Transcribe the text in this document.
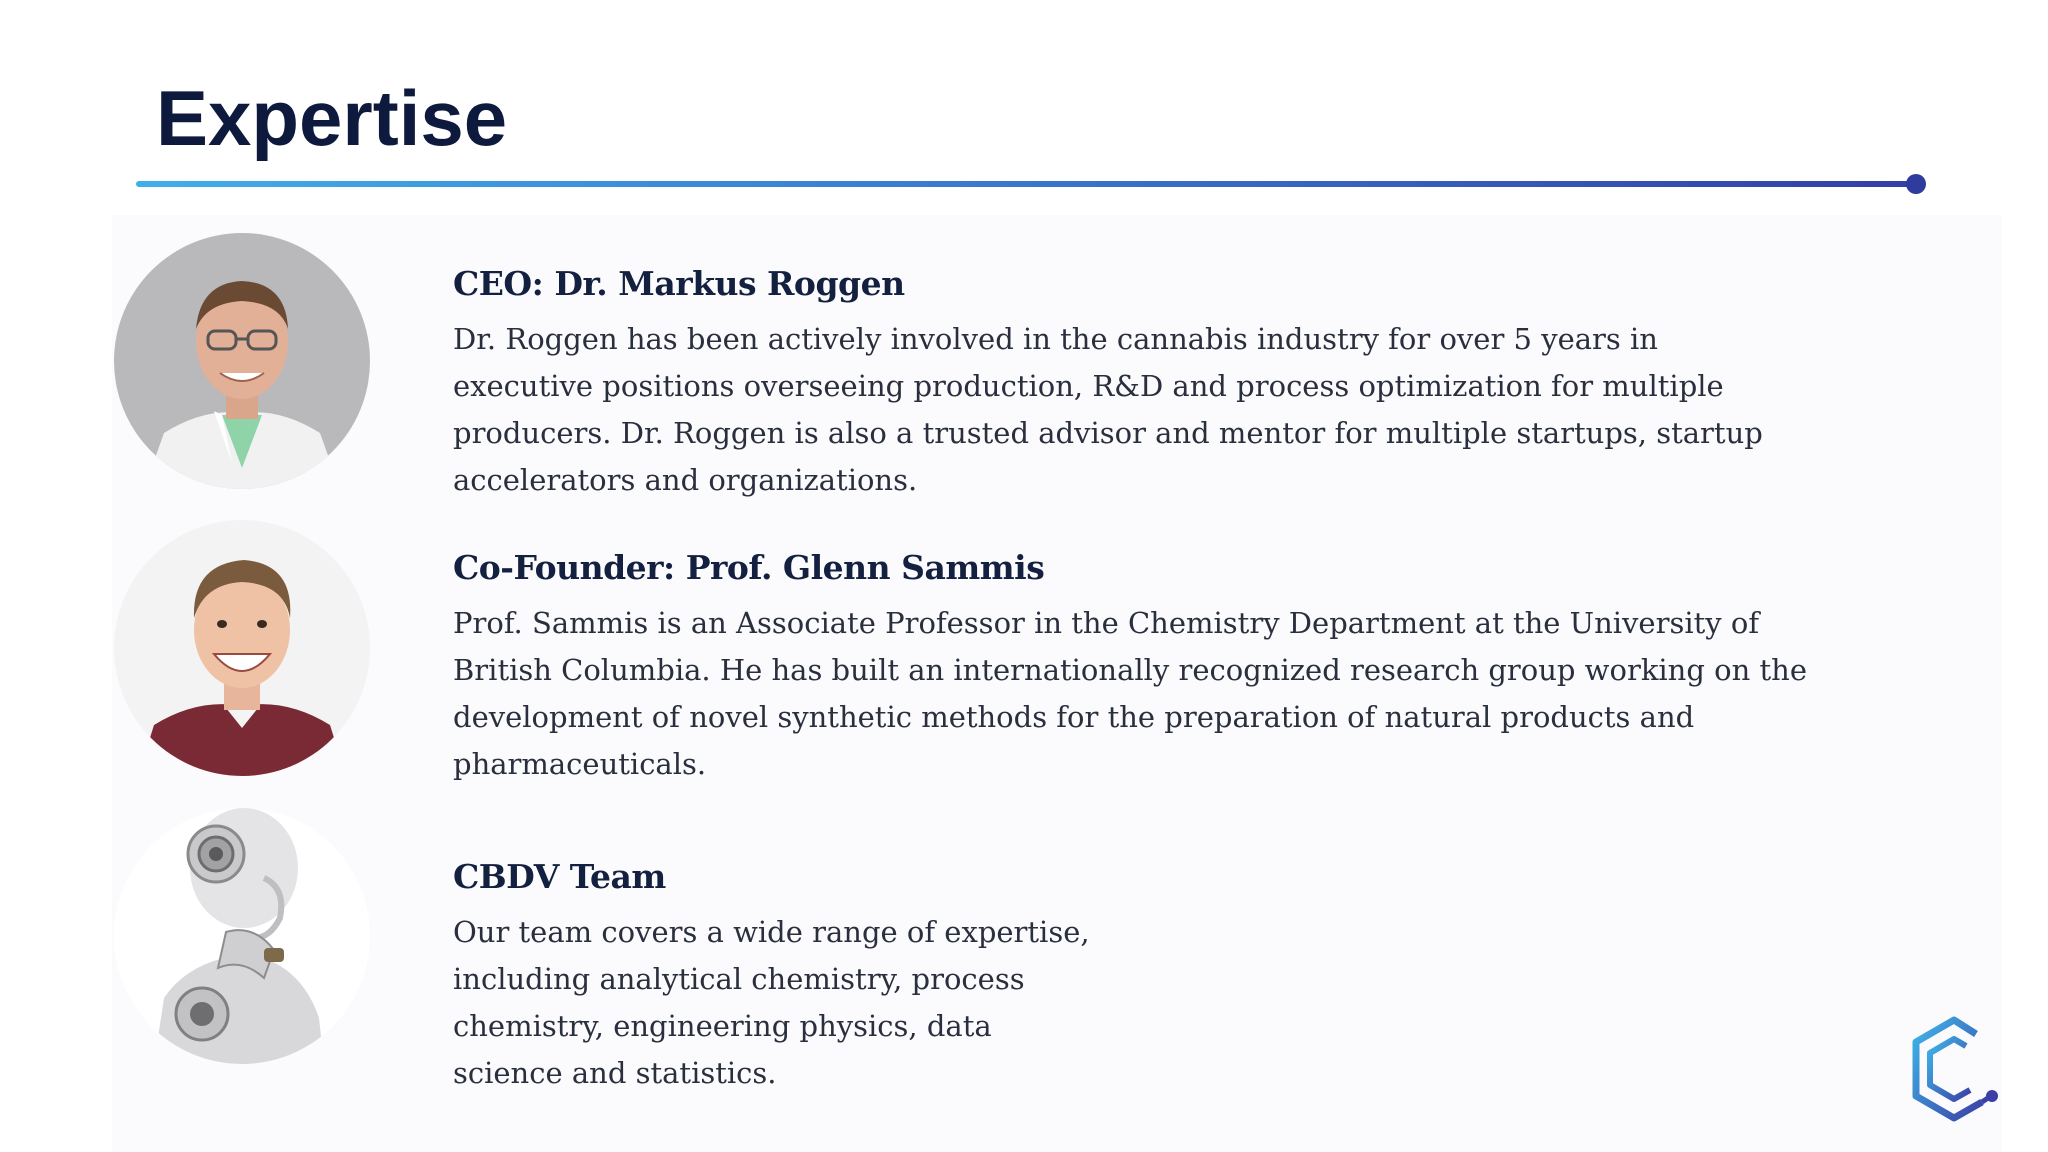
Expertise
CEO: Dr. Markus Roggen

Dr. Roggen has been actively involved in the cannabis industry for over 5 years in executive positions overseeing production, R&D and process optimization for multiple producers. Dr. Roggen is also a trusted advisor and mentor for multiple startups, startup accelerators and organizations.

Co-Founder: Prof. Glenn Sammis

Prof. Sammis is an Associate Professor in the Chemistry Department at the University of British Columbia. He has built an internationally recognized research group working on the development of novel synthetic methods for the preparation of natural products and pharmaceuticals.

CBDV Team

Our team covers a wide range of expertise, including analytical chemistry, process chemistry, engineering physics, data science and statistics.
